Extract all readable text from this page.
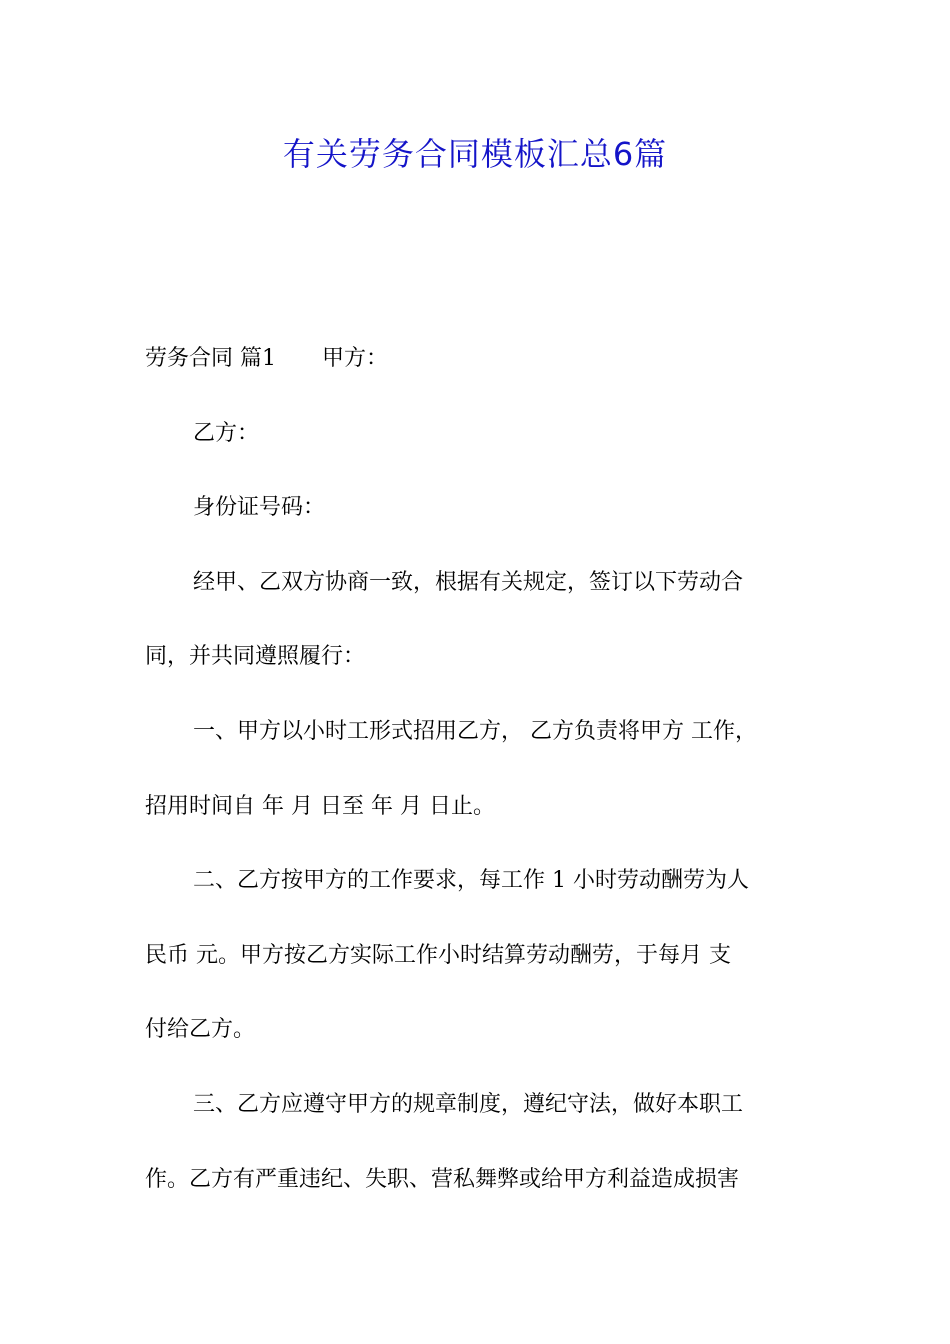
有关劳务合同模板汇总6篇
劳务合同 篇1 甲方：
乙方：
身份证号码：
经甲、乙双方协商一致，根据有关规定，签订以下劳动合
同，并共同遵照履行：
一、甲方以小时工形式招用乙方， 乙方负责将甲方 工作，
招用时间自 年 月 日至 年 月 日止。
二、乙方按甲方的工作要求，每工作 1 小时劳动酬劳为人
民币 元。甲方按乙方实际工作小时结算劳动酬劳，于每月 支
付给乙方。
三、乙方应遵守甲方的规章制度，遵纪守法，做好本职工
作。乙方有严重违纪、失职、营私舞弊或给甲方利益造成损害
